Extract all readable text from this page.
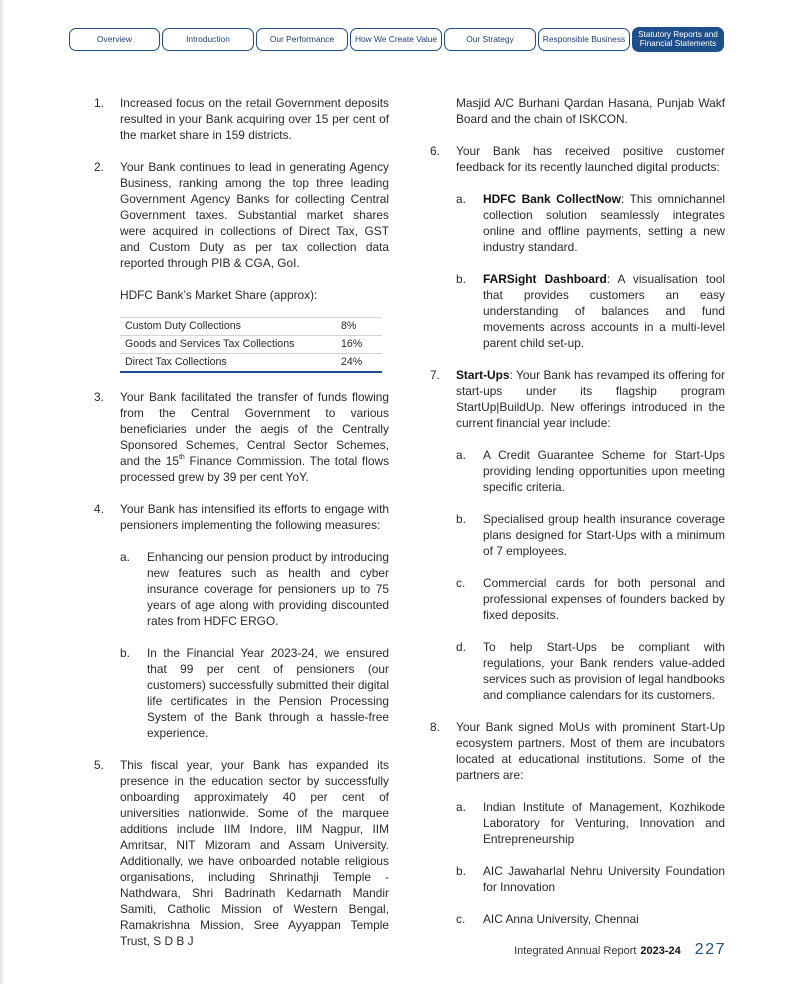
Overview	Introduction	Our Performance	How We Create Value	Our Strategy	Responsible Business	Statutory Reports and Financial Statements
1. Increased focus on the retail Government deposits resulted in your Bank acquiring over 15 per cent of the market share in 159 districts.

2. Your Bank continues to lead in generating Agency Business, ranking among the top three leading Government Agency Banks for collecting Central Government taxes. Substantial market shares were acquired in collections of Direct Tax, GST and Custom Duty as per tax collection data reported through PIB & CGA, GoI.

HDFC Bank’s Market Share (approx):

Custom Duty Collections	8%
Goods and Services Tax Collections	16%
Direct Tax Collections	24%
3. Your Bank facilitated the transfer of funds flowing from the Central Government to various beneficiaries under the aegis of the Centrally Sponsored Schemes, Central Sector Schemes, and the 15th Finance Commission. The total flows processed grew by 39 per cent YoY.

4. Your Bank has intensified its efforts to engage with pensioners implementing the following measures:

a. Enhancing our pension product by introducing new features such as health and cyber insurance coverage for pensioners up to 75 years of age along with providing discounted rates from HDFC ERGO.

b. In the Financial Year 2023-24, we ensured that 99 per cent of pensioners (our customers) successfully submitted their digital life certificates in the Pension Processing System of the Bank through a hassle-free experience.

5. This fiscal year, your Bank has expanded its presence in the education sector by successfully onboarding approximately 40 per cent of universities nationwide. Some of the marquee additions include IIM Indore, IIM Nagpur, IIM Amritsar, NIT Mizoram and Assam University. Additionally, we have onboarded notable religious organisations, including Shrinathji Temple - Nathdwara, Shri Badrinath Kedarnath Mandir Samiti, Catholic Mission of Western Bengal, Ramakrishna Mission, Sree Ayyappan Temple Trust, S D B J

Masjid A/C Burhani Qardan Hasana, Punjab Wakf Board and the chain of ISKCON.

6. Your Bank has received positive customer feedback for its recently launched digital products:

a. HDFC Bank CollectNow: This omnichannel collection solution seamlessly integrates online and offline payments, setting a new industry standard.

b. FARSight Dashboard: A visualisation tool that provides customers an easy understanding of balances and fund movements across accounts in a multi-level parent child set-up.

7. Start-Ups: Your Bank has revamped its offering for start-ups under its flagship program StartUp|BuildUp. New offerings introduced in the current financial year include:

a. A Credit Guarantee Scheme for Start-Ups providing lending opportunities upon meeting specific criteria.

b. Specialised group health insurance coverage plans designed for Start-Ups with a minimum of 7 employees.

c. Commercial cards for both personal and professional expenses of founders backed by fixed deposits.

d. To help Start-Ups be compliant with regulations, your Bank renders value-added services such as provision of legal handbooks and compliance calendars for its customers.

8. Your Bank signed MoUs with prominent Start-Up ecosystem partners. Most of them are incubators located at educational institutions. Some of the partners are:

a. Indian Institute of Management, Kozhikode Laboratory for Venturing, Innovation and Entrepreneurship

b. AIC Jawaharlal Nehru University Foundation for Innovation

c. AIC Anna University, Chennai

Integrated Annual Report 2023-24 227
